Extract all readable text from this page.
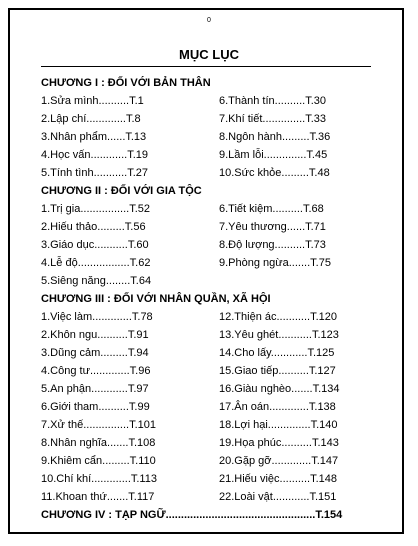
0
MỤC LỤC
CHƯƠNG I : ĐỐI VỚI BẢN THÂN
1.Sửa mình..........T.1	6.Thành tín..........T.30
2.Lập chí.............T.8	7.Khí tiết..............T.33
3.Nhân phẩm......T.13	8.Ngôn hành.........T.36
4.Học vấn............T.19	9.Lầm lỗi..............T.45
5.Tính tình...........T.27	10.Sức khỏe.........T.48
CHƯƠNG II : ĐỐI VỚI GIA TỘC
1.Trị gia................T.52	6.Tiết kiệm..........T.68
2.Hiếu thảo.........T.56	7.Yêu thương......T.71
3.Giáo dục...........T.60	8.Độ lượng..........T.73
4.Lễ độ.................T.62	9.Phòng ngừa.......T.75
5.Siêng năng........T.64
CHƯƠNG III : ĐỐI VỚI NHÂN QUẦN, XÃ HỘI
1.Việc làm.............T.78	12.Thiện ác...........T.120
2.Khôn ngu..........T.91	13.Yêu ghét...........T.123
3.Dũng cảm.........T.94	14.Cho lấy............T.125
4.Công tư.............T.96	15.Giao tiếp..........T.127
5.An phận............T.97	16.Giàu nghèo.......T.134
6.Giới tham..........T.99	17.Ân oán.............T.138
7.Xử thế...............T.101	18.Lợi hại..............T.140
8.Nhân nghĩa.......T.108	19.Họa phúc..........T.143
9.Khiêm cẩn.........T.110	20.Gặp gỡ.............T.147
10.Chí khí.............T.113	21.Hiếu việc..........T.148
11.Khoan thứ.......T.117	22.Loài vật............T.151
CHƯƠNG IV : TẠP NGỮ.................................................T.154
